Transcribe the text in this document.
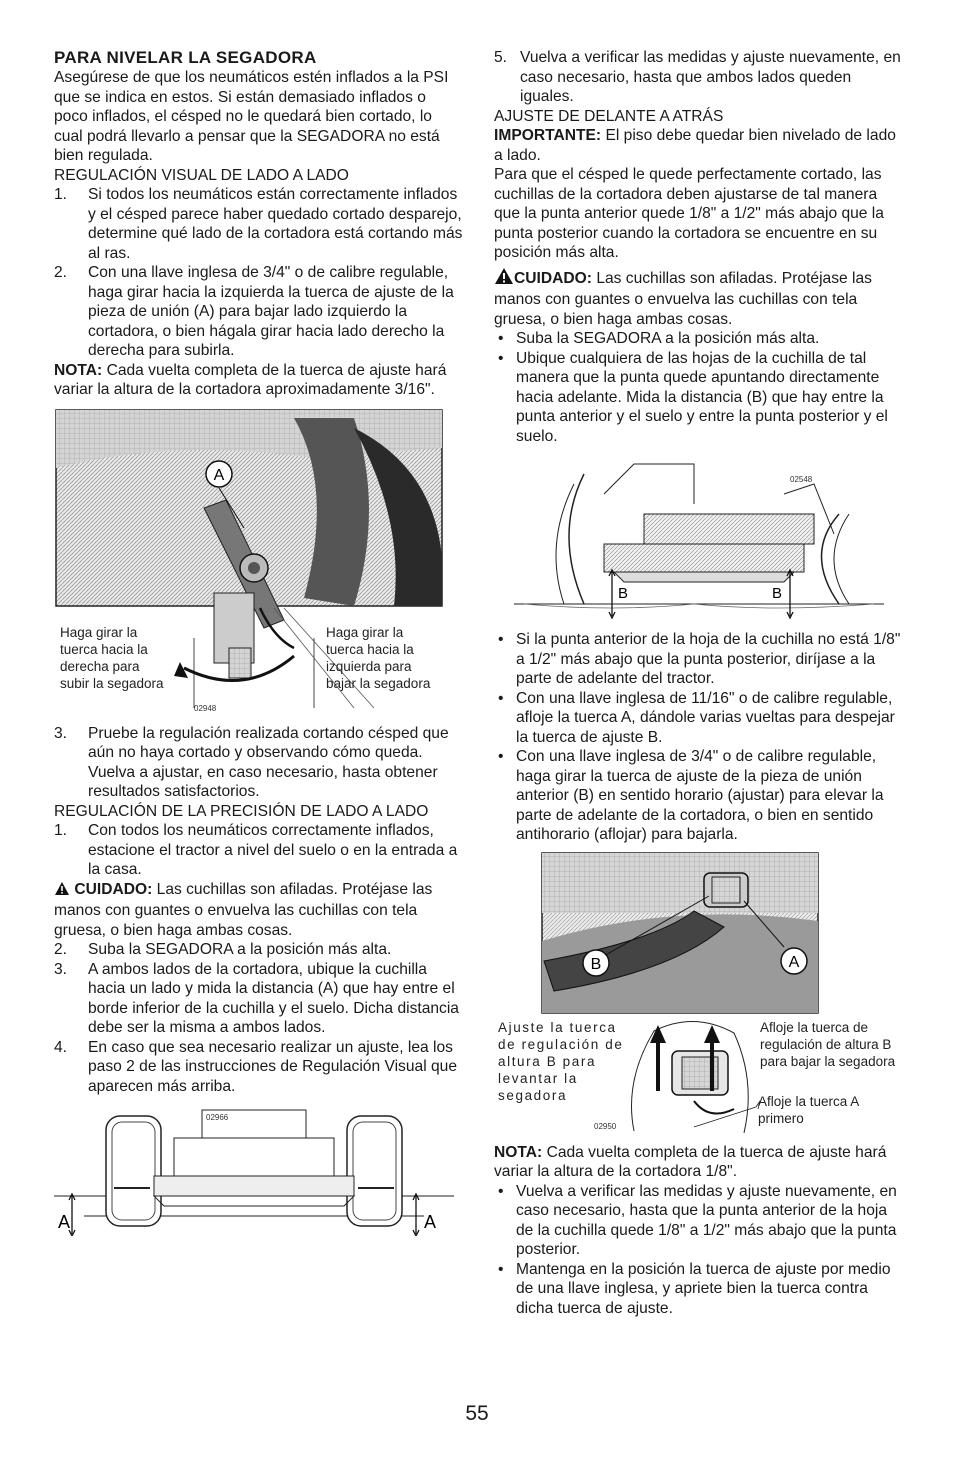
PARA NIVELAR LA SEGADORA

Asegúrese de que los neumáticos estén inflados a la PSI que se indica en estos. Si están demasiado inflados o poco inflados, el césped no le quedará bien cortado, lo cual podrá llevarlo a pensar que la SEGADORA no está bien regulada.

REGULACIÓN VISUAL DE LADO A LADO
1. Si todos los neumáticos están correctamente inflados y el césped parece haber quedado cortado desparejo, determine qué lado de la cortadora está cortando más al ras.
2. Con una llave inglesa de 3/4" o de calibre regulable, haga girar hacia la izquierda la tuerca de ajuste de la pieza de unión (A) para bajar lado izquierdo la cortadora, o bien hágala girar hacia lado derecho la derecha para subirla.

NOTA: Cada vuelta completa de la tuerca de ajuste hará variar la altura de la cortadora aproximadamente 3/16".

A
02948
Haga girar la tuerca hacia la derecha para subir la segadora
Haga girar la tuerca hacia la izquierda para bajar la segadora
3. Pruebe la regulación realizada cortando césped que aún no haya cortado y observando cómo queda. Vuelva a ajustar, en caso necesario, hasta obtener resultados satisfactorios.
REGULACIÓN DE LA PRECISIÓN DE LADO A LADO
1. Con todos los neumáticos correctamente inflados, estacione el tractor a nivel del suelo o en la entrada a la casa.

CUIDADO: Las cuchillas son afiladas. Protéjase las manos con guantes o envuelva las cuchillas con tela gruesa, o bien haga ambas cosas.

2. Suba la SEGADORA a la posición más alta.
3. A ambos lados de la cortadora, ubique la cuchilla hacia un lado y mida la distancia (A) que hay entre el borde inferior de la cuchilla y el suelo. Dicha distancia debe ser la misma a ambos lados.
4. En caso que sea necesario realizar un ajuste, lea los paso 2 de las instrucciones de Regulación Visual que aparecen más arriba.
A	A
02966
5. Vuelva a verificar las medidas y ajuste nuevamente, en caso necesario, hasta que ambos lados queden iguales.
AJUSTE DE DELANTE A ATRÁS

IMPORTANTE: El piso debe quedar bien nivelado de lado a lado.

Para que el césped le quede perfectamente cortado, las cuchillas de la cortadora deben ajustarse de tal manera que la punta anterior quede 1/8" a 1/2" más abajo que la punta posterior cuando la cortadora se encuentre en su posición más alta.

CUIDADO: Las cuchillas son afiladas. Protéjase las manos con guantes o envuelva las cuchillas con tela gruesa, o bien haga ambas cosas.

• Suba la SEGADORA a la posición más alta.
• Ubique cualquiera de las hojas de la cuchilla de tal manera que la punta quede apuntando directamente hacia adelante. Mida la distancia (B) que hay entre la punta anterior y el suelo y entre la punta posterior y el suelo.
B	B
02548
• Si la punta anterior de la hoja de la cuchilla no está 1/8" a 1/2" más abajo que la punta posterior, diríjase a la parte de adelante del tractor.
• Con una llave inglesa de 11/16" o de calibre regulable, afloje la tuerca A, dándole varias vueltas para despejar la tuerca de ajuste B.
• Con una llave inglesa de 3/4" o de calibre regulable, haga girar la tuerca de ajuste de la pieza de unión anterior (B) en sentido horario (ajustar) para elevar la parte de adelante de la cortadora, o bien en sentido antihorario (aflojar) para bajarla.
B	A
02950
Ajuste la tuerca de regulación de altura B para levantar la segadora
Afloje la tuerca de regulación de altura B para bajar la segadora
Afloje la tuerca A primero

NOTA: Cada vuelta completa de la tuerca de ajuste hará variar la altura de la cortadora 1/8".

• Vuelva a verificar las medidas y ajuste nuevamente, en caso necesario, hasta que la punta anterior de la hoja de la cuchilla quede 1/8" a 1/2" más abajo que la punta posterior.
• Mantenga en la posición la tuerca de ajuste por medio de una llave inglesa, y apriete bien la tuerca contra dicha tuerca de ajuste.
55
